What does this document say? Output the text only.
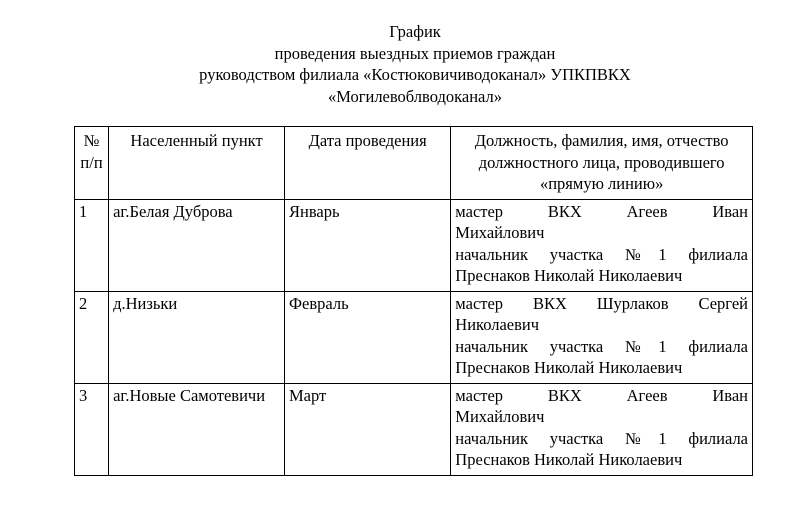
График
проведения выездных приемов граждан
руководством филиала «Костюковичиводоканал» УПКПВКХ
«Могилевоблводоканал»
№ п/п	Населенный пункт	Дата проведения	Должность, фамилия, имя, отчество должностного лица, проводившего «прямую линию»
1	аг.Белая Дуброва	Январь	мастер ВКХ Агеев Иван
Михайлович
начальник участка №1 филиала
Преснаков Николай Николаевич

2	д.Низьки	Февраль	мастер ВКХ Шурлаков Сергей
Николаевич
начальник участка №1 филиала
Преснаков Николай Николаевич

3	аг.Новые Самотевичи	Март	мастер ВКХ Агеев Иван
Михайлович
начальник участка №1 филиала
Преснаков Николай Николаевич
